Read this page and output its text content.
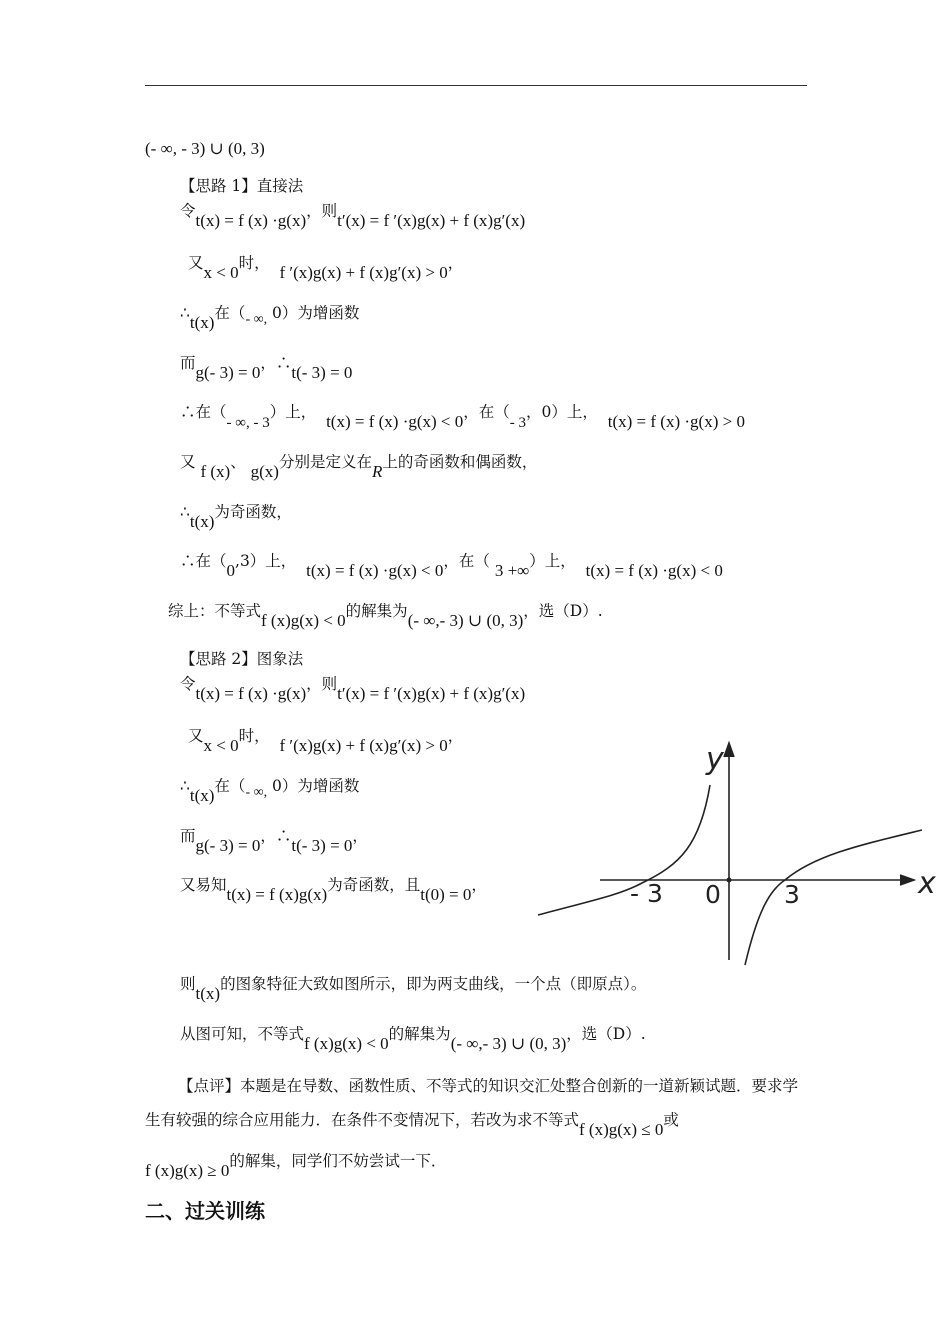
(- ∞, - 3) ∪ (0, 3)
【思路 1】直接法
令t(x) = f (x) ·g(x)，则t′(x) = f ′(x)g(x) + f (x)g′(x)
又x < 0时， f ′(x)g(x) + f (x)g′(x) > 0，
∴t(x)在（- ∞, 0）为增函数
而g(- 3) = 0，∴t(- 3) = 0
∴在（- ∞, - 3）上， t(x) = f (x) ·g(x) < 0，在（- 3，0）上， t(x) = f (x) ·g(x) > 0
又 f (x)、 g(x)分别是定义在R上的奇函数和偶函数，
∴t(x)为奇函数，
∴在（0,3）上， t(x) = f (x) ·g(x) < 0，在（ 3 +∞）上， t(x) = f (x) ·g(x) < 0
综上：不等式f (x)g(x) < 0的解集为(- ∞,- 3) ∪ (0, 3)，选（D）.
【思路 2】图象法
令t(x) = f (x) ·g(x)，则t′(x) = f ′(x)g(x) + f (x)g′(x)
又x < 0时， f ′(x)g(x) + f (x)g′(x) > 0，
∴t(x)在（- ∞, 0）为增函数
而g(- 3) = 0，∴t(- 3) = 0，
又易知t(x) = f (x)g(x)为奇函数，且t(0) = 0，
则t(x)的图象特征大致如图所示，即为两支曲线，一个点（即原点）。
从图可知，不等式f (x)g(x) < 0的解集为(- ∞,- 3) ∪ (0, 3)，选（D）.
y
x
- 3 0	3
【点评】本题是在导数、函数性质、不等式的知识交汇处整合创新的一道新颖试题．要求学生有较强的综合应用能力．在条件不变情况下，若改为求不等式f (x)g(x) ≤ 0或
f (x)g(x) ≥ 0的解集，同学们不妨尝试一下．
二、过关训练
